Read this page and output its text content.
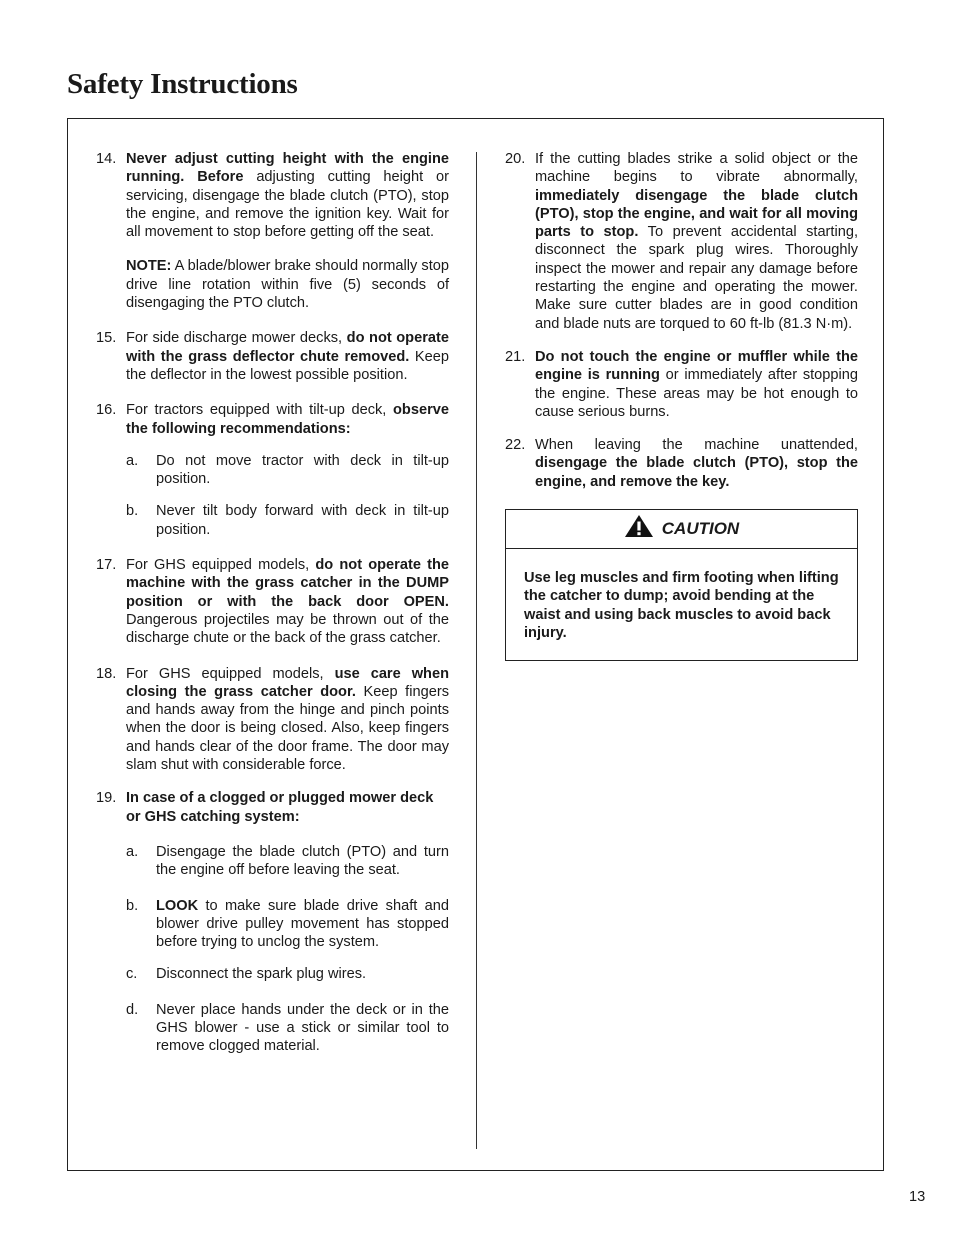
Safety Instructions
14. Never adjust cutting height with the engine running. Before adjusting cutting height or servicing, disengage the blade clutch (PTO), stop the engine, and remove the ignition key. Wait for all movement to stop before getting off the seat.

NOTE: A blade/blower brake should normally stop drive line rotation within five (5) seconds of disengaging the PTO clutch.

15. For side discharge mower decks, do not operate with the grass deflector chute removed. Keep the deflector in the lowest possible position.

16. For tractors equipped with tilt-up deck, observe the following recommendations:

a.	Do not move tractor with deck in tilt-up position.
b.	Never tilt body forward with deck in tilt-up position.
17. For GHS equipped models, do not operate the machine with the grass catcher in the DUMP position or with the back door OPEN. Dangerous projectiles may be thrown out of the discharge chute or the back of the grass catcher.

18. For GHS equipped models, use care when closing the grass catcher door. Keep fingers and hands away from the hinge and pinch points when the door is being closed. Also, keep fingers and hands clear of the door frame. The door may slam shut with considerable force.

19. In case of a clogged or plugged mower deck or GHS catching system:

a.	Disengage the blade clutch (PTO) and turn the engine off before leaving the seat.
b.	LOOK to make sure blade drive shaft and blower drive pulley movement has stopped before trying to unclog the system.
c.	Disconnect the spark plug wires.
d.	Never place hands under the deck or in the GHS blower - use a stick or similar tool to remove clogged material.
20. If the cutting blades strike a solid object or the machine begins to vibrate abnormally, immediately disengage the blade clutch (PTO), stop the engine, and wait for all moving parts to stop. To prevent accidental starting, disconnect the spark plug wires. Thoroughly inspect the mower and repair any damage before restarting the engine and operating the mower. Make sure cutter blades are in good condition and blade nuts are torqued to 60 ft-lb (81.3 N·m).

21. Do not touch the engine or muffler while the engine is running or immediately after stopping the engine. These areas may be hot enough to cause serious burns.

22. When leaving the machine unattended, disengage the blade clutch (PTO), stop the engine, and remove the key.

CAUTION
Use leg muscles and firm footing when lifting the catcher to dump; avoid bending at the waist and using back muscles to avoid back injury.
13
